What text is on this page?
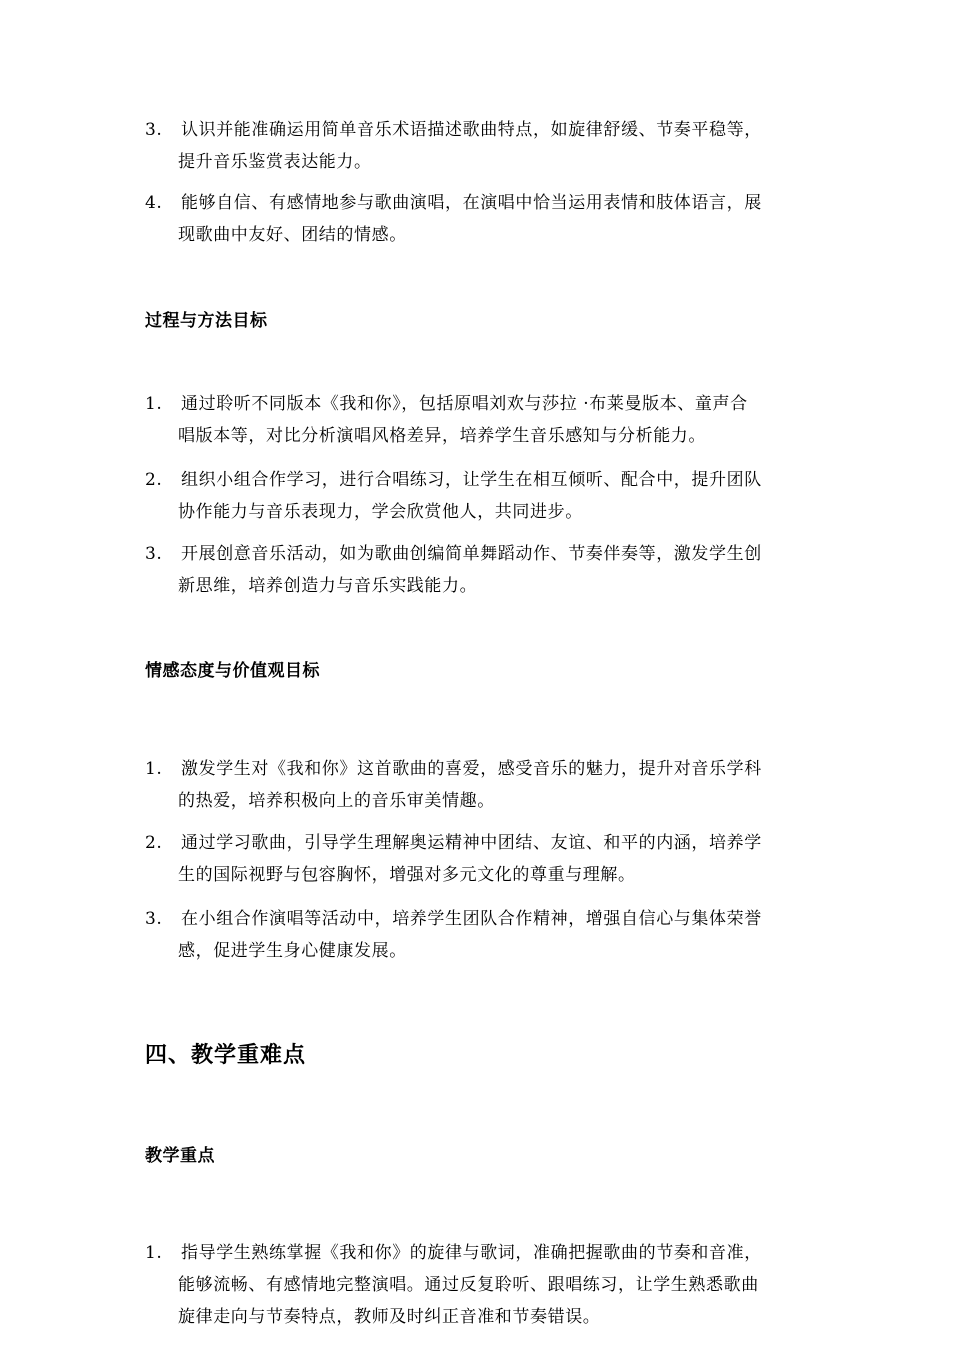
3.	认识并能准确运用简单音乐术语描述歌曲特点，如旋律舒缓、节奏平稳等，
提升音乐鉴赏表达能力。
4.	能够自信、有感情地参与歌曲演唱，在演唱中恰当运用表情和肢体语言，展
现歌曲中友好、团结的情感。
过程与方法目标
1.	通过聆听不同版本《我和你》，包括原唱刘欢与莎拉 ·布莱曼版本、童声合
唱版本等，对比分析演唱风格差异，培养学生音乐感知与分析能力。
2.	组织小组合作学习，进行合唱练习，让学生在相互倾听、配合中，提升团队
协作能力与音乐表现力，学会欣赏他人，共同进步。
3.	开展创意音乐活动，如为歌曲创编简单舞蹈动作、节奏伴奏等，激发学生创
新思维，培养创造力与音乐实践能力。
情感态度与价值观目标
1.	激发学生对《我和你》这首歌曲的喜爱，感受音乐的魅力，提升对音乐学科
的热爱，培养积极向上的音乐审美情趣。
2.	通过学习歌曲，引导学生理解奥运精神中团结、友谊、和平的内涵，培养学
生的国际视野与包容胸怀，增强对多元文化的尊重与理解。
3.	在小组合作演唱等活动中，培养学生团队合作精神，增强自信心与集体荣誉
感，促进学生身心健康发展。
四、教学重难点
教学重点
1.	指导学生熟练掌握《我和你》的旋律与歌词，准确把握歌曲的节奏和音准，
能够流畅、有感情地完整演唱。通过反复聆听、跟唱练习，让学生熟悉歌曲
旋律走向与节奏特点，教师及时纠正音准和节奏错误。
